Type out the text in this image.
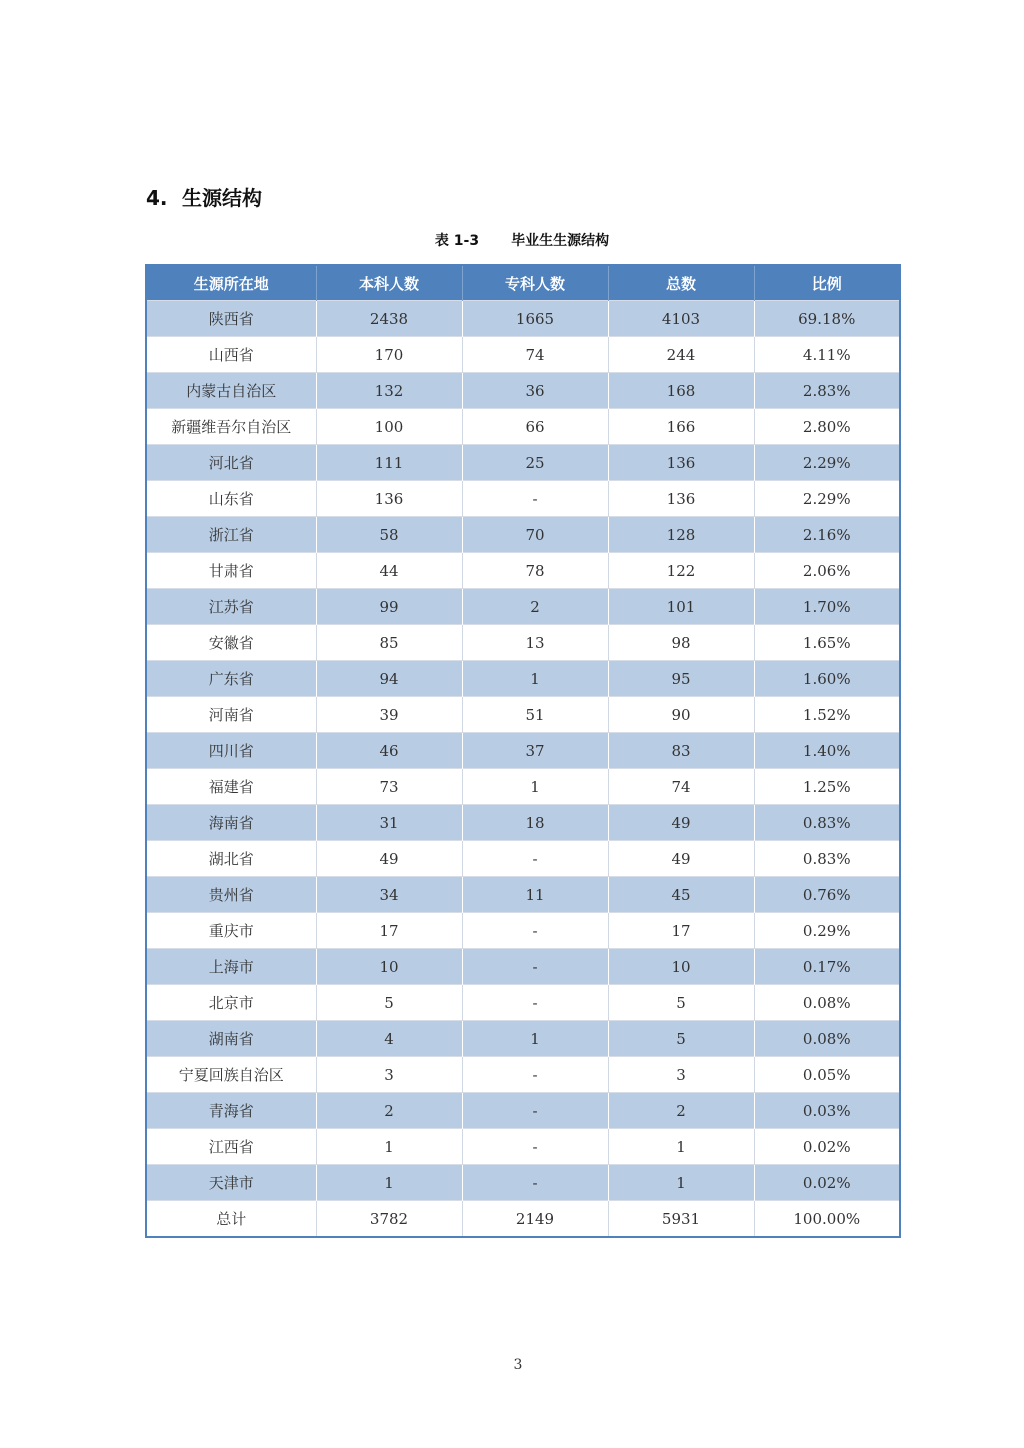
4. 生源结构
表 1-3 毕业生生源结构
生源所在地	本科人数	专科人数	总数	比例
陕西省	2438	1665	4103	69.18%
山西省	170	74	244	4.11%
内蒙古自治区	132	36	168	2.83%
新疆维吾尔自治区	100	66	166	2.80%
河北省	111	25	136	2.29%
山东省	136	-	136	2.29%
浙江省	58	70	128	2.16%
甘肃省	44	78	122	2.06%
江苏省	99	2	101	1.70%
安徽省	85	13	98	1.65%
广东省	94	1	95	1.60%
河南省	39	51	90	1.52%
四川省	46	37	83	1.40%
福建省	73	1	74	1.25%
海南省	31	18	49	0.83%
湖北省	49	-	49	0.83%
贵州省	34	11	45	0.76%
重庆市	17	-	17	0.29%
上海市	10	-	10	0.17%
北京市	5	-	5	0.08%
湖南省	4	1	5	0.08%
宁夏回族自治区	3	-	3	0.05%
青海省	2	-	2	0.03%
江西省	1	-	1	0.02%
天津市	1	-	1	0.02%
总计	3782	2149	5931	100.00%
3
